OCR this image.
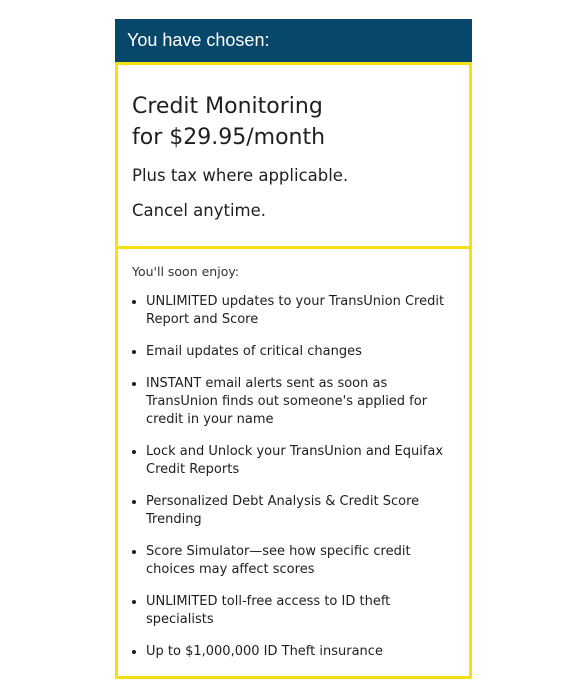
You have chosen:
Credit Monitoring
for $29.95/month
Plus tax where applicable.
Cancel anytime.
You'll soon enjoy:
UNLIMITED updates to your TransUnion Credit Report and Score
Email updates of critical changes
INSTANT email alerts sent as soon as TransUnion finds out someone's applied for credit in your name
Lock and Unlock your TransUnion and Equifax Credit Reports
Personalized Debt Analysis & Credit Score Trending
Score Simulator—see how specific credit choices may affect scores
UNLIMITED toll-free access to ID theft specialists
Up to $1,000,000 ID Theft insurance
